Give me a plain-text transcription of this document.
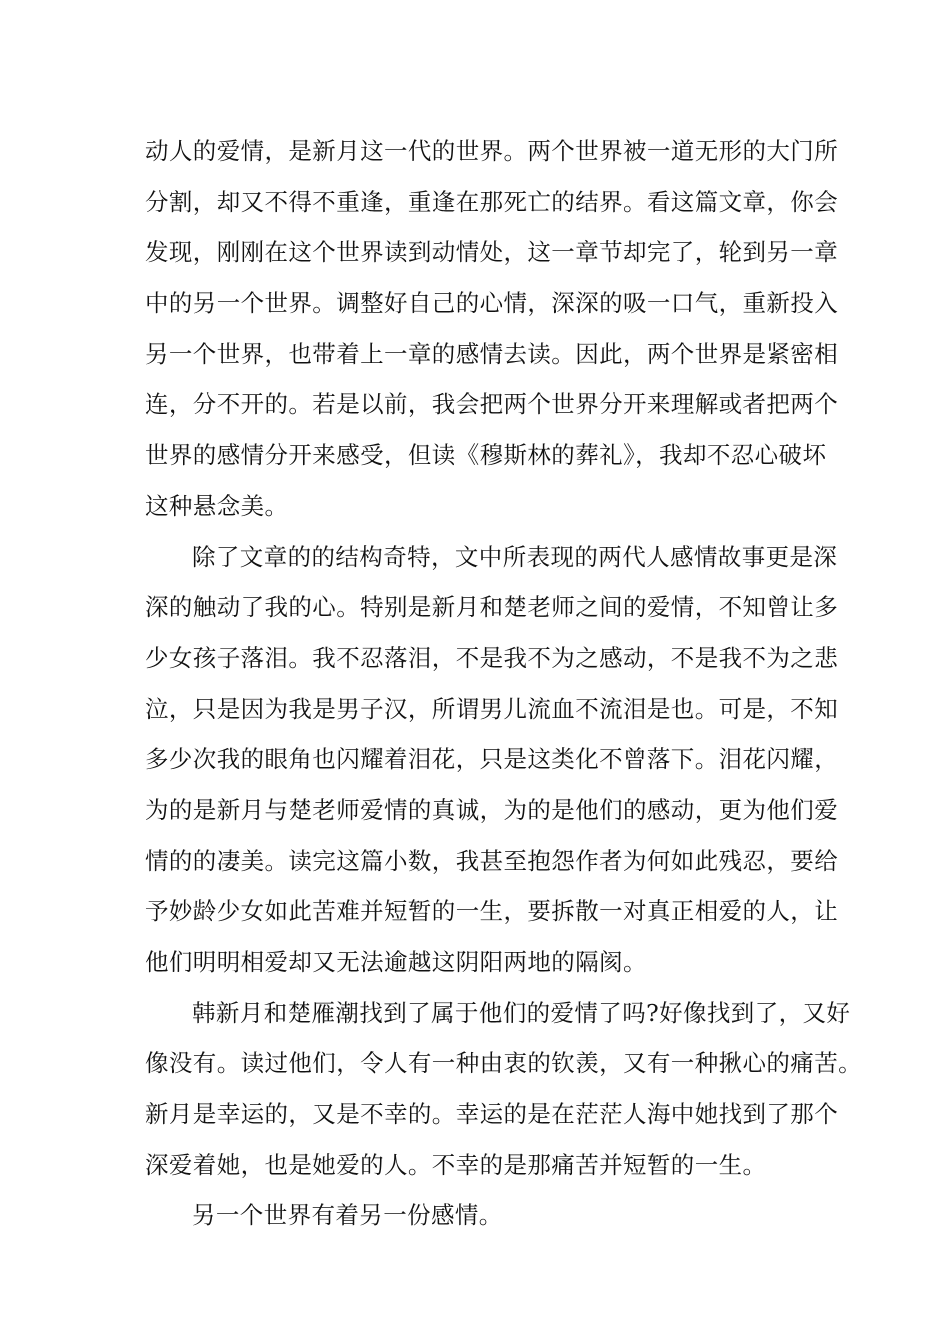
动人的爱情，是新月这一代的世界。两个世界被一道无形的大门所
分割，却又不得不重逢，重逢在那死亡的结界。看这篇文章，你会
发现，刚刚在这个世界读到动情处，这一章节却完了，轮到另一章
中的另一个世界。调整好自己的心情，深深的吸一口气，重新投入
另一个世界，也带着上一章的感情去读。因此，两个世界是紧密相
连，分不开的。若是以前，我会把两个世界分开来理解或者把两个
世界的感情分开来感受，但读《穆斯林的葬礼》，我却不忍心破坏
这种悬念美。
除了文章的的结构奇特，文中所表现的两代人感情故事更是深
深的触动了我的心。特别是新月和楚老师之间的爱情，不知曾让多
少女孩子落泪。我不忍落泪，不是我不为之感动，不是我不为之悲
泣，只是因为我是男子汉，所谓男儿流血不流泪是也。可是，不知
多少次我的眼角也闪耀着泪花，只是这类化不曾落下。泪花闪耀，
为的是新月与楚老师爱情的真诚，为的是他们的感动，更为他们爱
情的的凄美。读完这篇小数，我甚至抱怨作者为何如此残忍，要给
予妙龄少女如此苦难并短暂的一生，要拆散一对真正相爱的人，让
他们明明相爱却又无法逾越这阴阳两地的隔阂。
韩新月和楚雁潮找到了属于他们的爱情了吗?好像找到了，又好
像没有。读过他们，令人有一种由衷的钦羡，又有一种揪心的痛苦。
新月是幸运的，又是不幸的。幸运的是在茫茫人海中她找到了那个
深爱着她，也是她爱的人。不幸的是那痛苦并短暂的一生。
另一个世界有着另一份感情。
